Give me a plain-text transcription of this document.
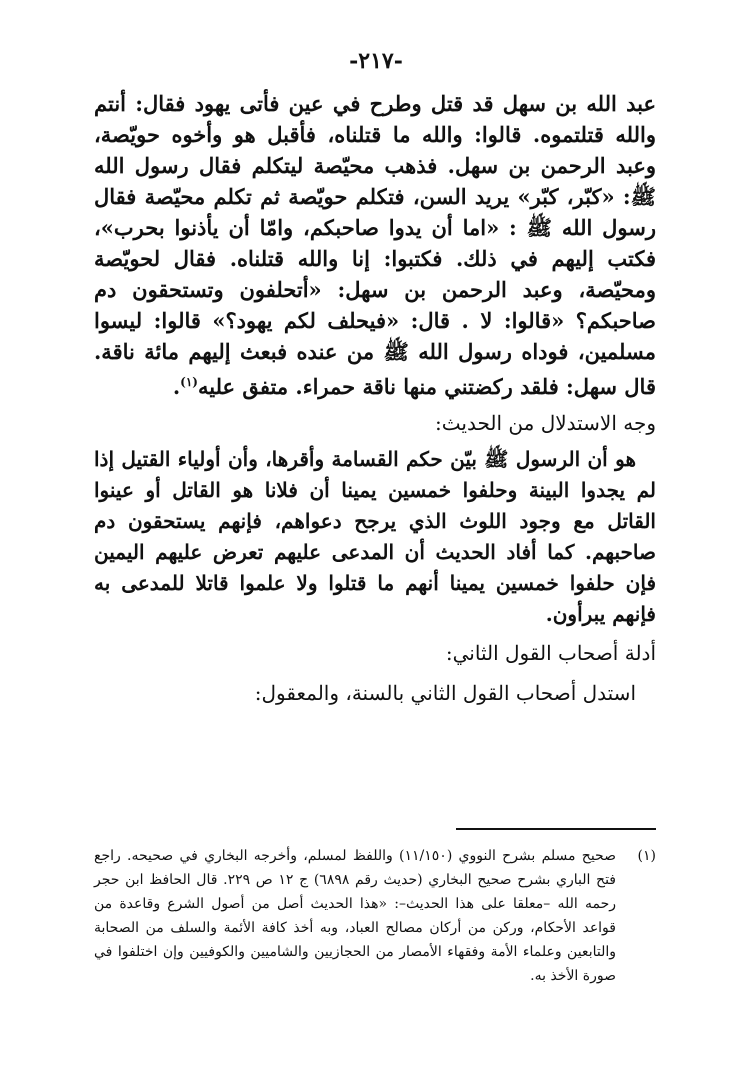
-٢١٧-

عبد الله بن سهل قد قتل وطرح في عين فأتى يهود فقال: أنتم والله قتلتموه. قالوا: والله ما قتلناه، فأقبل هو وأخوه حويّصة، وعبد الرحمن بن سهل. فذهب محيّصة ليتكلم فقال رسول الله ﷺ: «كبّر، كبّر» يريد السن، فتكلم حويّصة ثم تكلم محيّصة فقال رسول الله ﷺ : «اما أن يدوا صاحبكم، وامّا أن يأذنوا بحرب»، فكتب إليهم في ذلك. فكتبوا: إنا والله قتلناه. فقال لحويّصة ومحيّصة، وعبد الرحمن بن سهل: «أتحلفون وتستحقون دم صاحبكم؟ «قالوا: لا . قال: «فيحلف لكم يهود؟» قالوا: ليسوا مسلمين، فوداه رسول الله ﷺ من عنده فبعث إليهم مائة ناقة. قال سهل: فلقد ركضتني منها ناقة حمراء. متفق عليه$^{(١)}$.

وجه الاستدلال من الحديث:

هو أن الرسول ﷺ بيّن حكم القسامة وأقرها، وأن أولياء القتيل إذا لم يجدوا البينة وحلفوا خمسين يمينا أن فلانا هو القاتل أو عينوا القاتل مع وجود اللوث الذي يرجح دعواهم، فإنهم يستحقون دم صاحبهم. كما أفاد الحديث أن المدعى عليهم تعرض عليهم اليمين فإن حلفوا خمسين يمينا أنهم ما قتلوا ولا علموا قاتلا للمدعى به فإنهم يبرأون.

أدلة أصحاب القول الثاني:

استدل أصحاب القول الثاني بالسنة، والمعقول:

(١)
صحيح مسلم بشرح النووي (١١/١٥٠) واللفظ لمسلم، وأخرجه البخاري في صحيحه. راجع فتح الباري بشرح صحيح البخاري (حديث رقم ٦٨٩٨) ج ١٢ ص ٢٢٩. قال الحافظ ابن حجر رحمه الله –معلقا على هذا الحديث–: «هذا الحديث أصل من أصول الشرع وقاعدة من قواعد الأحكام، وركن من أركان مصالح العباد، وبه أخذ كافة الأئمة والسلف من الصحابة والتابعين وعلماء الأمة وفقهاء الأمصار من الحجازيين والشاميين والكوفيين وإن اختلفوا في صورة الأخذ به.
